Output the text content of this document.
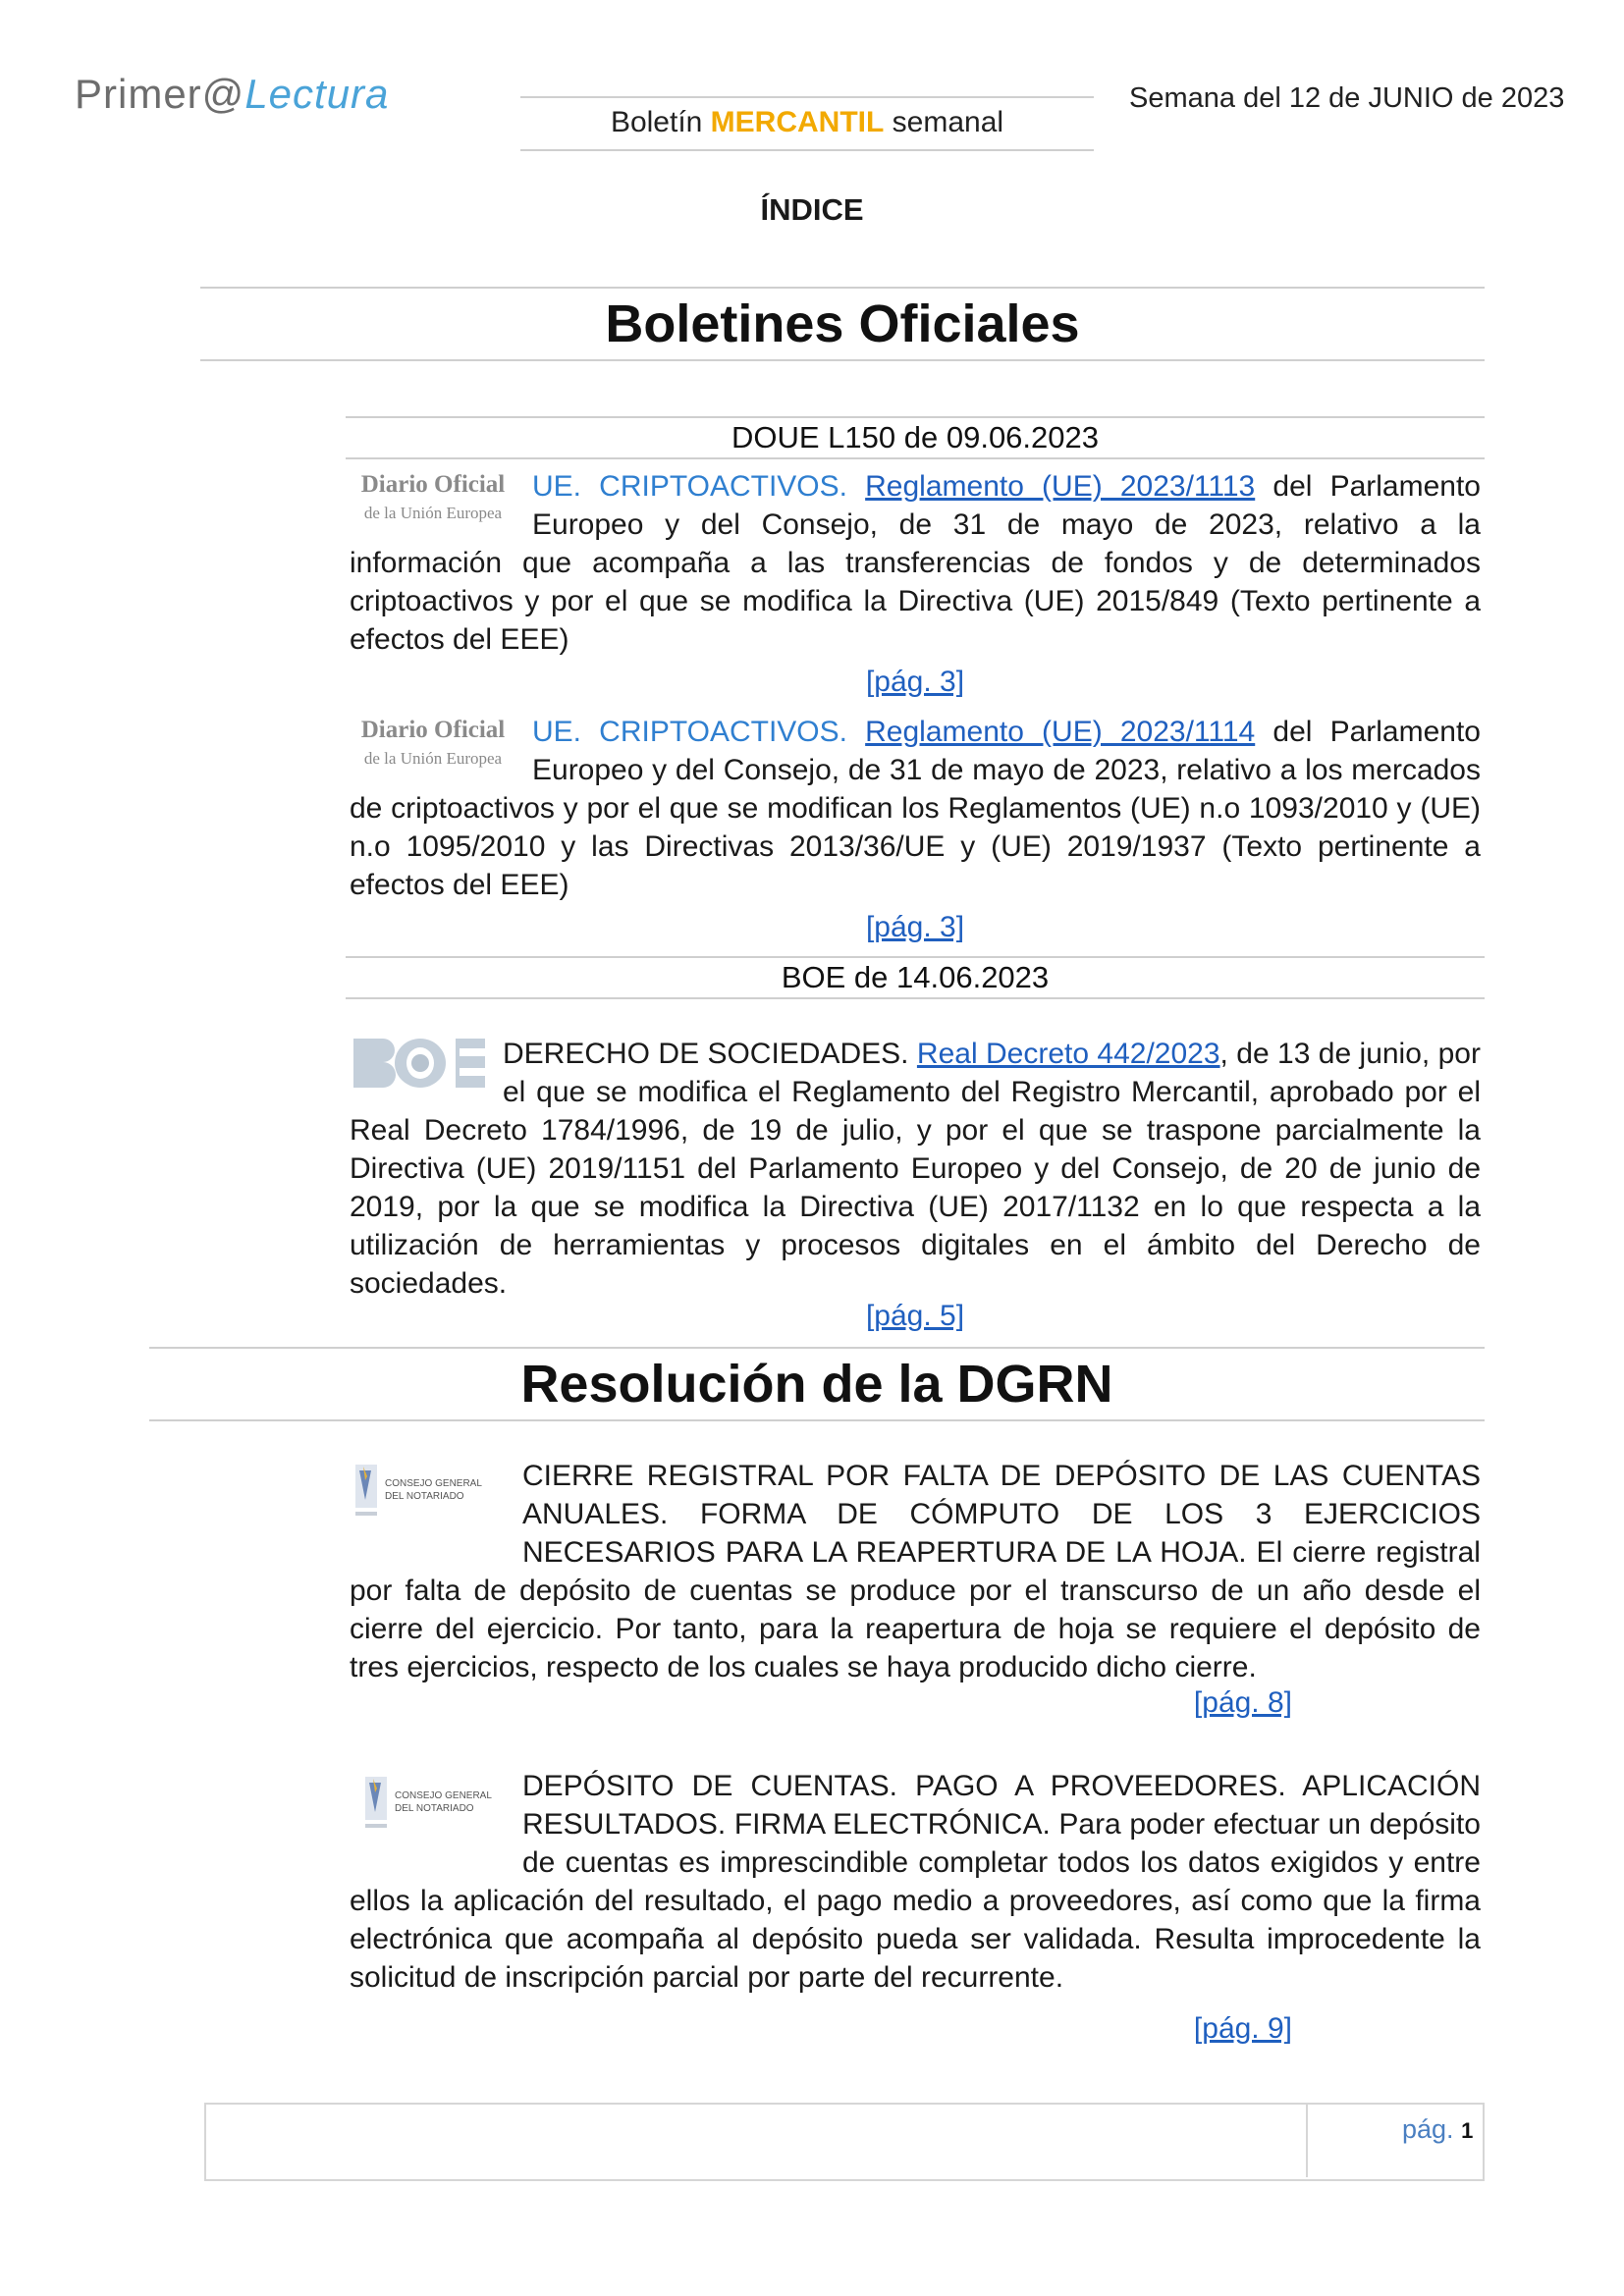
Primer@Lectura
Boletín MERCANTIL semanal
Semana del 12 de JUNIO de 2023
ÍNDICE
Boletines Oficiales
DOUE L150 de 09.06.2023
Diario Oficial
de la Unión Europea
UE. CRIPTOACTIVOS. Reglamento (UE) 2023/1113 del Parlamento Europeo y del Consejo, de 31 de mayo de 2023, relativo a la información que acompaña a las transferencias de fondos y de determinados criptoactivos y por el que se modifica la Directiva (UE) 2015/849 (Texto pertinente a efectos del EEE)
[pág. 3]
Diario Oficial
de la Unión Europea
UE. CRIPTOACTIVOS. Reglamento (UE) 2023/1114 del Parlamento Europeo y del Consejo, de 31 de mayo de 2023, relativo a los mercados de criptoactivos y por el que se modifican los Reglamentos (UE) n.o 1093/2010 y (UE) n.o 1095/2010 y las Directivas 2013/36/UE y (UE) 2019/1937 (Texto pertinente a efectos del EEE)
[pág. 3]
BOE de 14.06.2023
DERECHO DE SOCIEDADES. Real Decreto 442/2023, de 13 de junio, por el que se modifica el Reglamento del Registro Mercantil, aprobado por el Real Decreto 1784/1996, de 19 de julio, y por el que se traspone parcialmente la Directiva (UE) 2019/1151 del Parlamento Europeo y del Consejo, de 20 de junio de 2019, por la que se modifica la Directiva (UE) 2017/1132 en lo que respecta a la utilización de herramientas y procesos digitales en el ámbito del Derecho de sociedades.
[pág. 5]
Resolución de la DGRN
CONSEJO GENERAL
DEL NOTARIADO
CIERRE REGISTRAL POR FALTA DE DEPÓSITO DE LAS CUENTAS ANUALES. FORMA DE CÓMPUTO DE LOS 3 EJERCICIOS NECESARIOS PARA LA REAPERTURA DE LA HOJA. El cierre registral por falta de depósito de cuentas se produce por el transcurso de un año desde el cierre del ejercicio. Por tanto, para la reapertura de hoja se requiere el depósito de tres ejercicios, respecto de los cuales se haya producido dicho cierre.
[pág. 8]
CONSEJO GENERAL
DEL NOTARIADO
DEPÓSITO DE CUENTAS. PAGO A PROVEEDORES. APLICACIÓN RESULTADOS. FIRMA ELECTRÓNICA. Para poder efectuar un depósito de cuentas es imprescindible completar todos los datos exigidos y entre ellos la aplicación del resultado, el pago medio a proveedores, así como que la firma electrónica que acompaña al depósito pueda ser validada. Resulta improcedente la solicitud de inscripción parcial por parte del recurrente.
[pág. 9]
pág. 1
